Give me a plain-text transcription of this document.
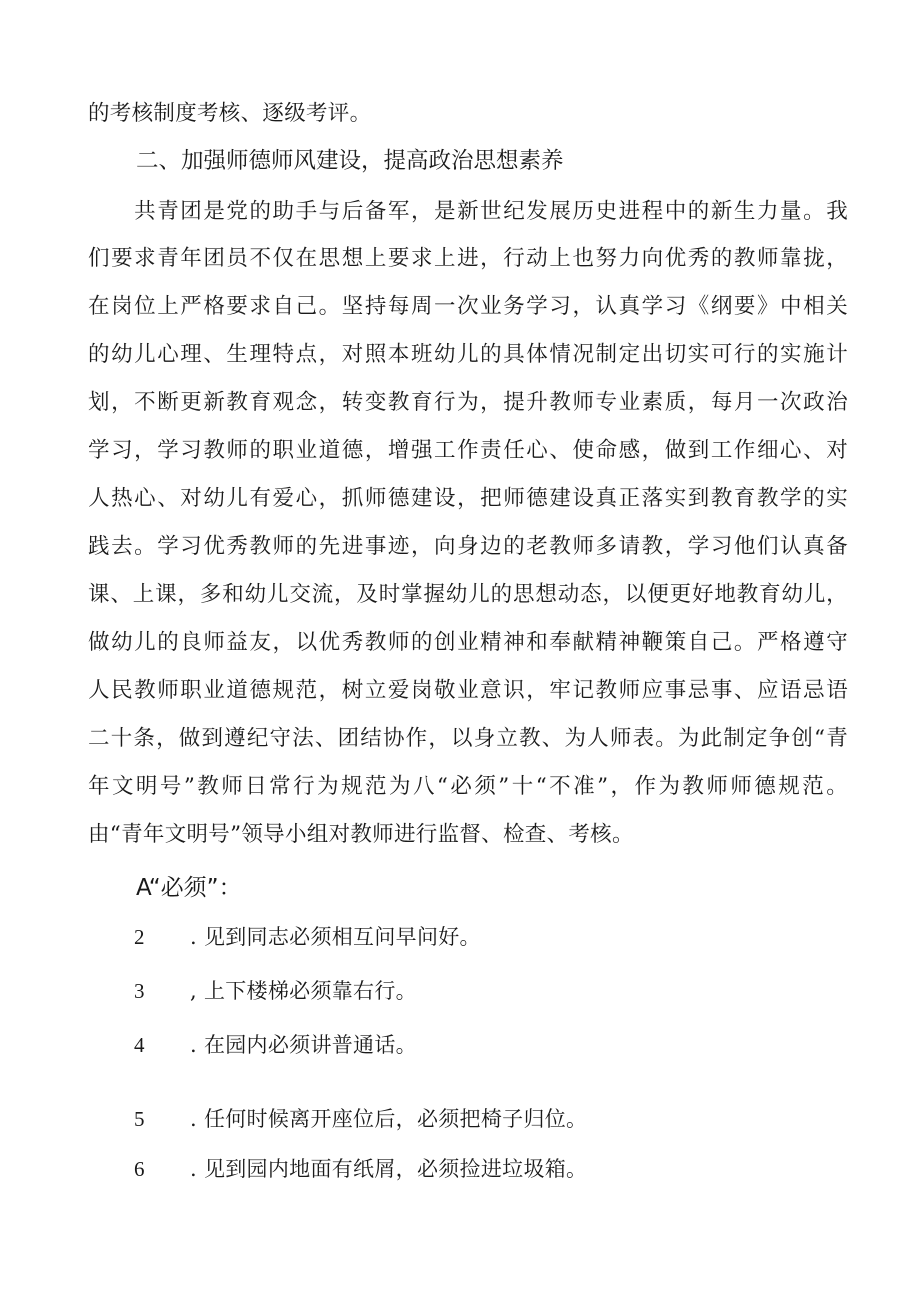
的考核制度考核、逐级考评。
二、加强师德师风建设，提高政治思想素养
　　共青团是党的助手与后备军，是新世纪发展历史进程中的新生力量。我
们要求青年团员不仅在思想上要求上进，行动上也努力向优秀的教师靠拢，
在岗位上严格要求自己。坚持每周一次业务学习，认真学习《纲要》中相关
的幼儿心理、生理特点，对照本班幼儿的具体情况制定出切实可行的实施计
划，不断更新教育观念，转变教育行为，提升教师专业素质，每月一次政治
学习，学习教师的职业道德，增强工作责任心、使命感，做到工作细心、对
人热心、对幼儿有爱心，抓师德建设，把师德建设真正落实到教育教学的实
践去。学习优秀教师的先进事迹，向身边的老教师多请教，学习他们认真备
课、上课，多和幼儿交流，及时掌握幼儿的思想动态，以便更好地教育幼儿，
做幼儿的良师益友，以优秀教师的创业精神和奉献精神鞭策自己。严格遵守
人民教师职业道德规范，树立爱岗敬业意识，牢记教师应事忌事、应语忌语
二十条，做到遵纪守法、团结协作，以身立教、为人师表。为此制定争创“青
年文明号”教师日常行为规范为八“必须”十“不准”，作为教师师德规范。
由“青年文明号”领导小组对教师进行监督、检查、考核。
A“必须”：
2 . 见到同志必须相互问早问好。
3 , 上下楼梯必须靠右行。
4 . 在园内必须讲普通话。
5 . 任何时候离开座位后，必须把椅子归位。
6 . 见到园内地面有纸屑，必须捡进垃圾箱。
